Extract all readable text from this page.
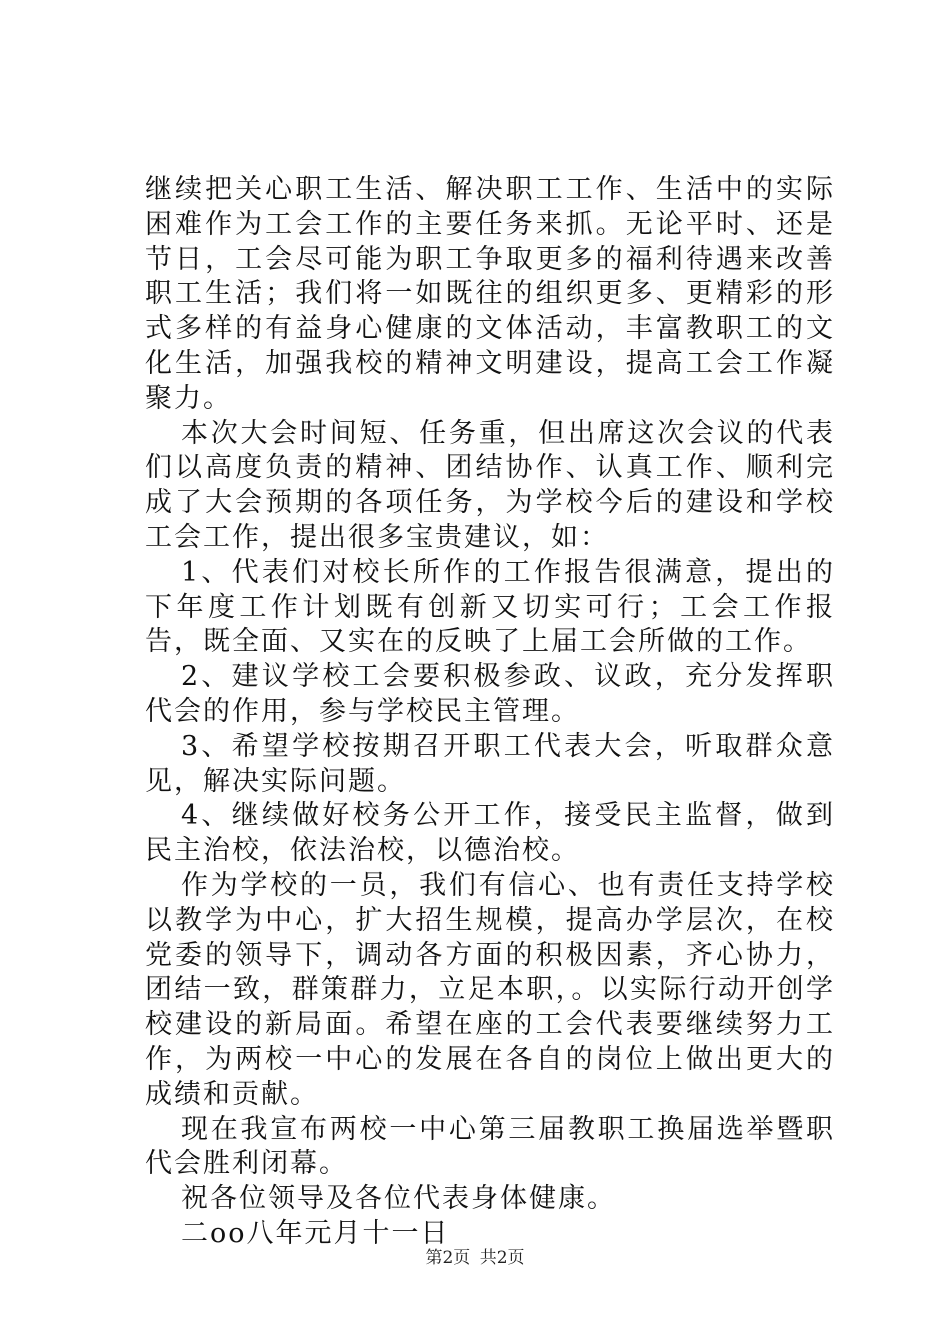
继续把关心职工生活、解决职工工作、生活中的实际困难作为工会工作的主要任务来抓。无论平时、还是节日，工会尽可能为职工争取更多的福利待遇来改善职工生活；我们将一如既往的组织更多、更精彩的形式多样的有益身心健康的文体活动，丰富教职工的文化生活，加强我校的精神文明建设，提高工会工作凝聚力。

本次大会时间短、任务重，但出席这次会议的代表们以高度负责的精神、团结协作、认真工作、顺利完成了大会预期的各项任务，为学校今后的建设和学校工会工作，提出很多宝贵建议，如：

1、代表们对校长所作的工作报告很满意，提出的下年度工作计划既有创新又切实可行；工会工作报告，既全面、又实在的反映了上届工会所做的工作。

2、建议学校工会要积极参政、议政，充分发挥职代会的作用，参与学校民主管理。

3、希望学校按期召开职工代表大会，听取群众意见，解决实际问题。

4、继续做好校务公开工作，接受民主监督，做到民主治校，依法治校，以德治校。

作为学校的一员，我们有信心、也有责任支持学校以教学为中心，扩大招生规模，提高办学层次，在校党委的领导下，调动各方面的积极因素，齐心协力，团结一致，群策群力，立足本职，。以实际行动开创学校建设的新局面。希望在座的工会代表要继续努力工作，为两校一中心的发展在各自的岗位上做出更大的成绩和贡献。

现在我宣布两校一中心第三届教职工换届选举暨职代会胜利闭幕。

祝各位领导及各位代表身体健康。

二oo八年元月十一日

第2页 共2页
